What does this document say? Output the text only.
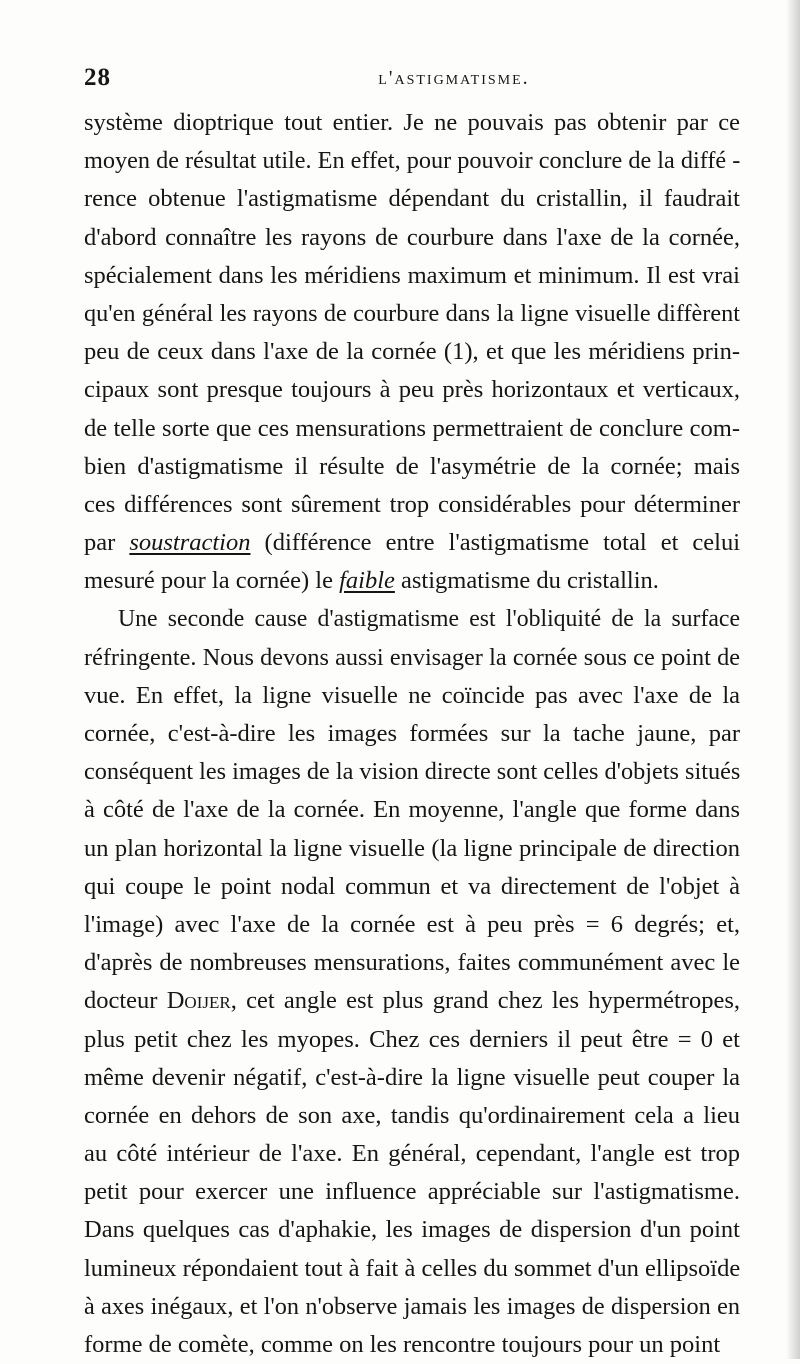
28	l'astigmatisme.
système dioptrique tout entier. Je ne pouvais pas obtenir par ce
moyen de résultat utile. En effet, pour pouvoir conclure de la diffé -
rence obtenue l'astigmatisme dépendant du cristallin, il faudrait
d'abord connaître les rayons de courbure dans l'axe de la cornée,
spécialement dans les méridiens maximum et minimum. Il est vrai
qu'en général les rayons de courbure dans la ligne visuelle diffèrent
peu de ceux dans l'axe de la cornée (1), et que les méridiens prin-
cipaux sont presque toujours à peu près horizontaux et verticaux,
de telle sorte que ces mensurations permettraient de conclure com-
bien d'astigmatisme il résulte de l'asymétrie de la cornée; mais
ces différences sont sûrement trop considérables pour déterminer
par soustraction (différence entre l'astigmatisme total et celui
mesuré pour la cornée) le faible astigmatisme du cristallin.
Une seconde cause d'astigmatisme est l'obliquité de la surface
réfringente. Nous devons aussi envisager la cornée sous ce point de
vue. En effet, la ligne visuelle ne coïncide pas avec l'axe de la
cornée, c'est-à-dire les images formées sur la tache jaune, par
conséquent les images de la vision directe sont celles d'objets situés
à côté de l'axe de la cornée. En moyenne, l'angle que forme dans
un plan horizontal la ligne visuelle (la ligne principale de direction
qui coupe le point nodal commun et va directement de l'objet à
l'image) avec l'axe de la cornée est à peu près = 6 degrés; et,
d'après de nombreuses mensurations, faites communément avec le
docteur Doijer, cet angle est plus grand chez les hypermétropes,
plus petit chez les myopes. Chez ces derniers il peut être = 0 et
même devenir négatif, c'est-à-dire la ligne visuelle peut couper la
cornée en dehors de son axe, tandis qu'ordinairement cela a lieu
au côté intérieur de l'axe. En général, cependant, l'angle est trop
petit pour exercer une influence appréciable sur l'astigmatisme.
Dans quelques cas d'aphakie, les images de dispersion d'un point
lumineux répondaient tout à fait à celles du sommet d'un ellipsoïde
à axes inégaux, et l'on n'observe jamais les images de dispersion en
forme de comète, comme on les rencontre toujours pour un point
